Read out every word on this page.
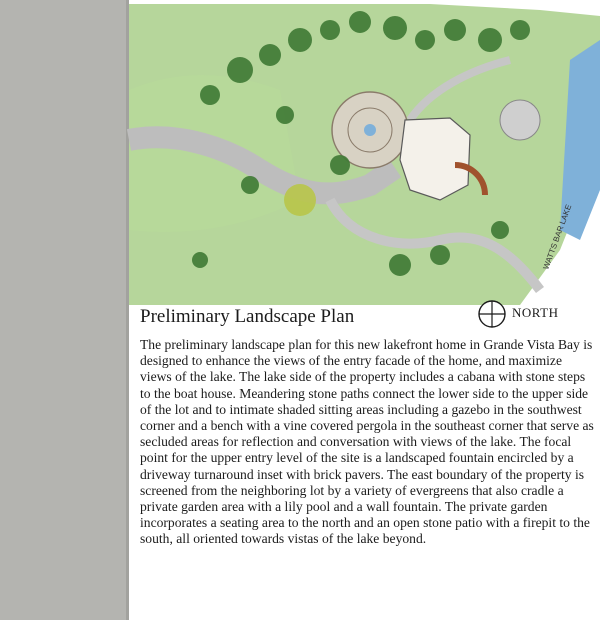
WATTS BAR LAKE
Preliminary Landscape Plan	NORTH

The preliminary landscape plan for this new lakefront home in Grande Vista Bay is designed to enhance the views of the entry facade of the home, and maximize views of the lake. The lake side of the property includes a cabana with stone steps to the boat house. Meandering stone paths connect the lower side to the upper side of the lot and to intimate shaded sitting areas including a gazebo in the southwest corner and a bench with a vine covered pergola in the southeast corner that serve as secluded areas for reflection and conversation with views of the lake. The focal point for the upper entry level of the site is a landscaped fountain encircled by a driveway turnaround inset with brick pavers. The east boundary of the property is screened from the neighboring lot by a variety of evergreens that also cradle a private garden area with a lily pool and a wall fountain. The private garden incorporates a seating area to the north and an open stone patio with a firepit to the south, all oriented towards vistas of the lake beyond.
